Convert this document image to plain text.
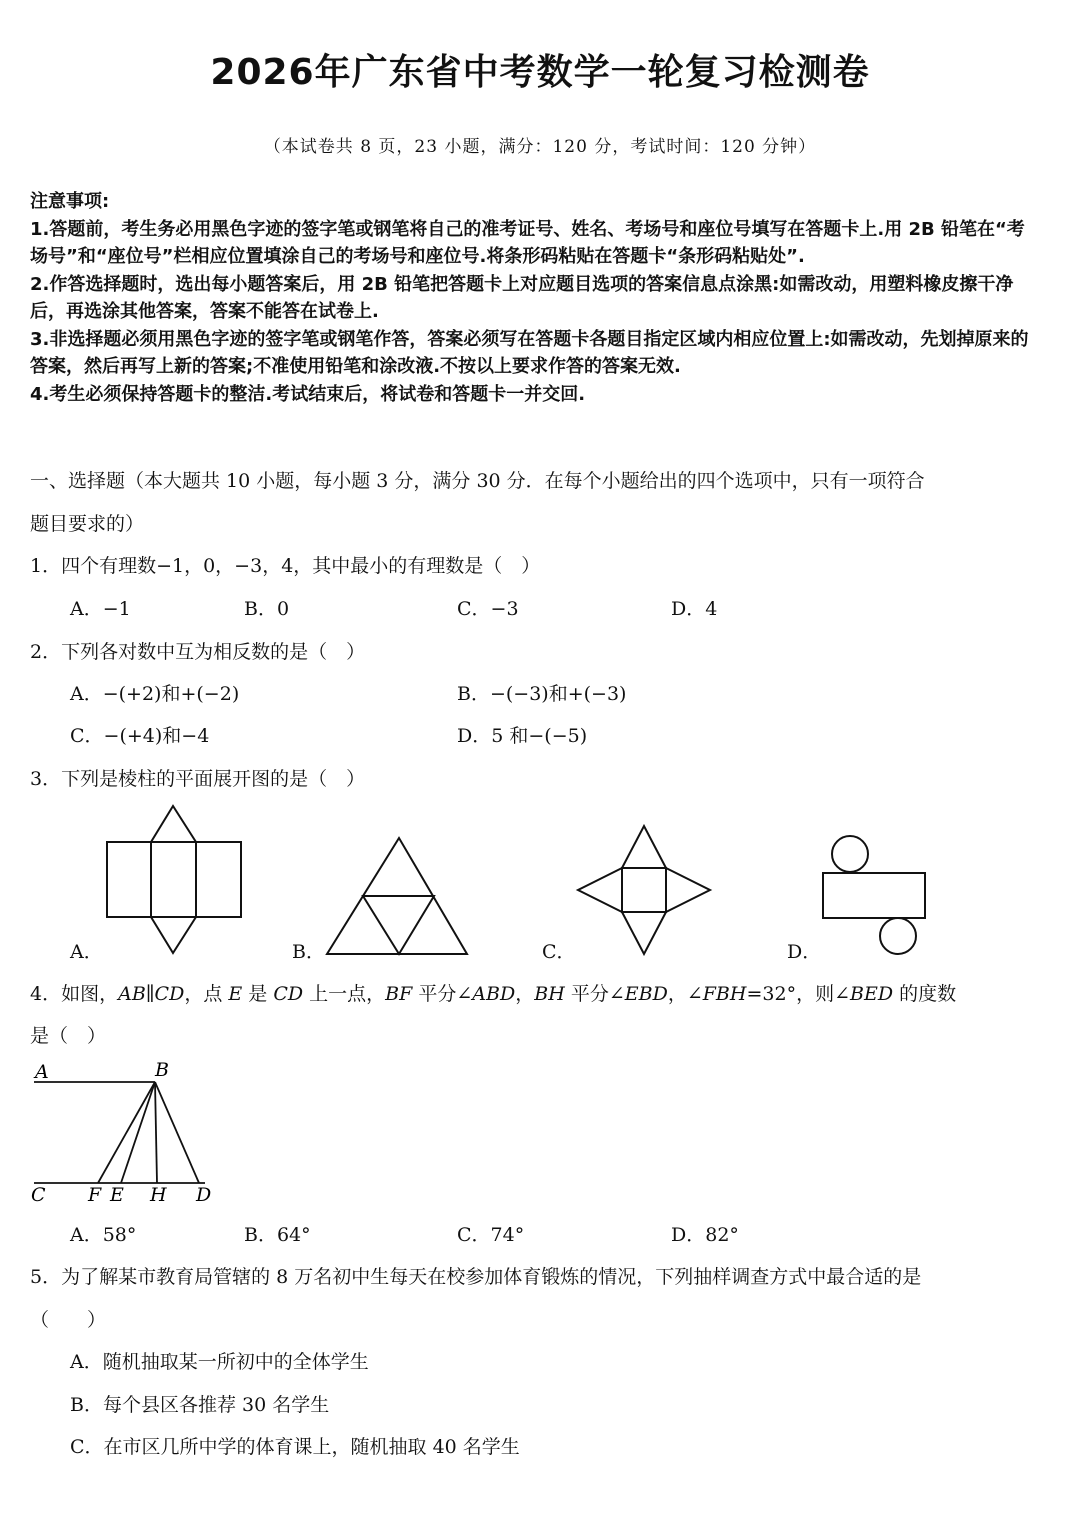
2026年广东省中考数学一轮复习检测卷
（本试卷共 8 页，23 小题，满分：120 分，考试时间：120 分钟）

注意事项:

1.答题前，考生务必用黑色字迹的签字笔或钢笔将自己的准考证号、姓名、考场号和座位号填写在答题卡上.用 2B 铅笔在“考场号”和“座位号”栏相应位置填涂自己的考场号和座位号.将条形码粘贴在答题卡“条形码粘贴处”.

2.作答选择题时，选出每小题答案后，用 2B 铅笔把答题卡上对应题目选项的答案信息点涂黑:如需改动，用塑料橡皮擦干净后，再选涂其他答案，答案不能答在试卷上.

3.非选择题必须用黑色字迹的签字笔或钢笔作答，答案必须写在答题卡各题目指定区域内相应位置上:如需改动，先划掉原来的答案，然后再写上新的答案;不准使用铅笔和涂改液.不按以上要求作答的答案无效.

4.考生必须保持答题卡的整洁.考试结束后，将试卷和答题卡一并交回.

一、选择题（本大题共 10 小题，每小题 3 分，满分 30 分．在每个小题给出的四个选项中，只有一项符合
题目要求的）
1．四个有理数−1，0，−3，4，其中最小的有理数是（　）
A．−1	B．0	C．−3	D．4
2．下列各对数中互为相反数的是（　）
A．−(+2)和+(−2)	B．−(−3)和+(−3)
C．−(+4)和−4	D．5 和−(−5)
3．下列是棱柱的平面展开图的是（　）
A．	B．	C．	D．
4．如图，AB∥CD，点 E 是 CD 上一点，BF 平分∠ABD，BH 平分∠EBD，∠FBH=32°，则∠BED 的度数
是（　）
A	B
C F E H D
A．58°	B．64°	C．74°	D．82°
5．为了解某市教育局管辖的 8 万名初中生每天在校参加体育锻炼的情况，下列抽样调查方式中最合适的是
（　　）
A．随机抽取某一所初中的全体学生
B．每个县区各推荐 30 名学生
C．在市区几所中学的体育课上，随机抽取 40 名学生
